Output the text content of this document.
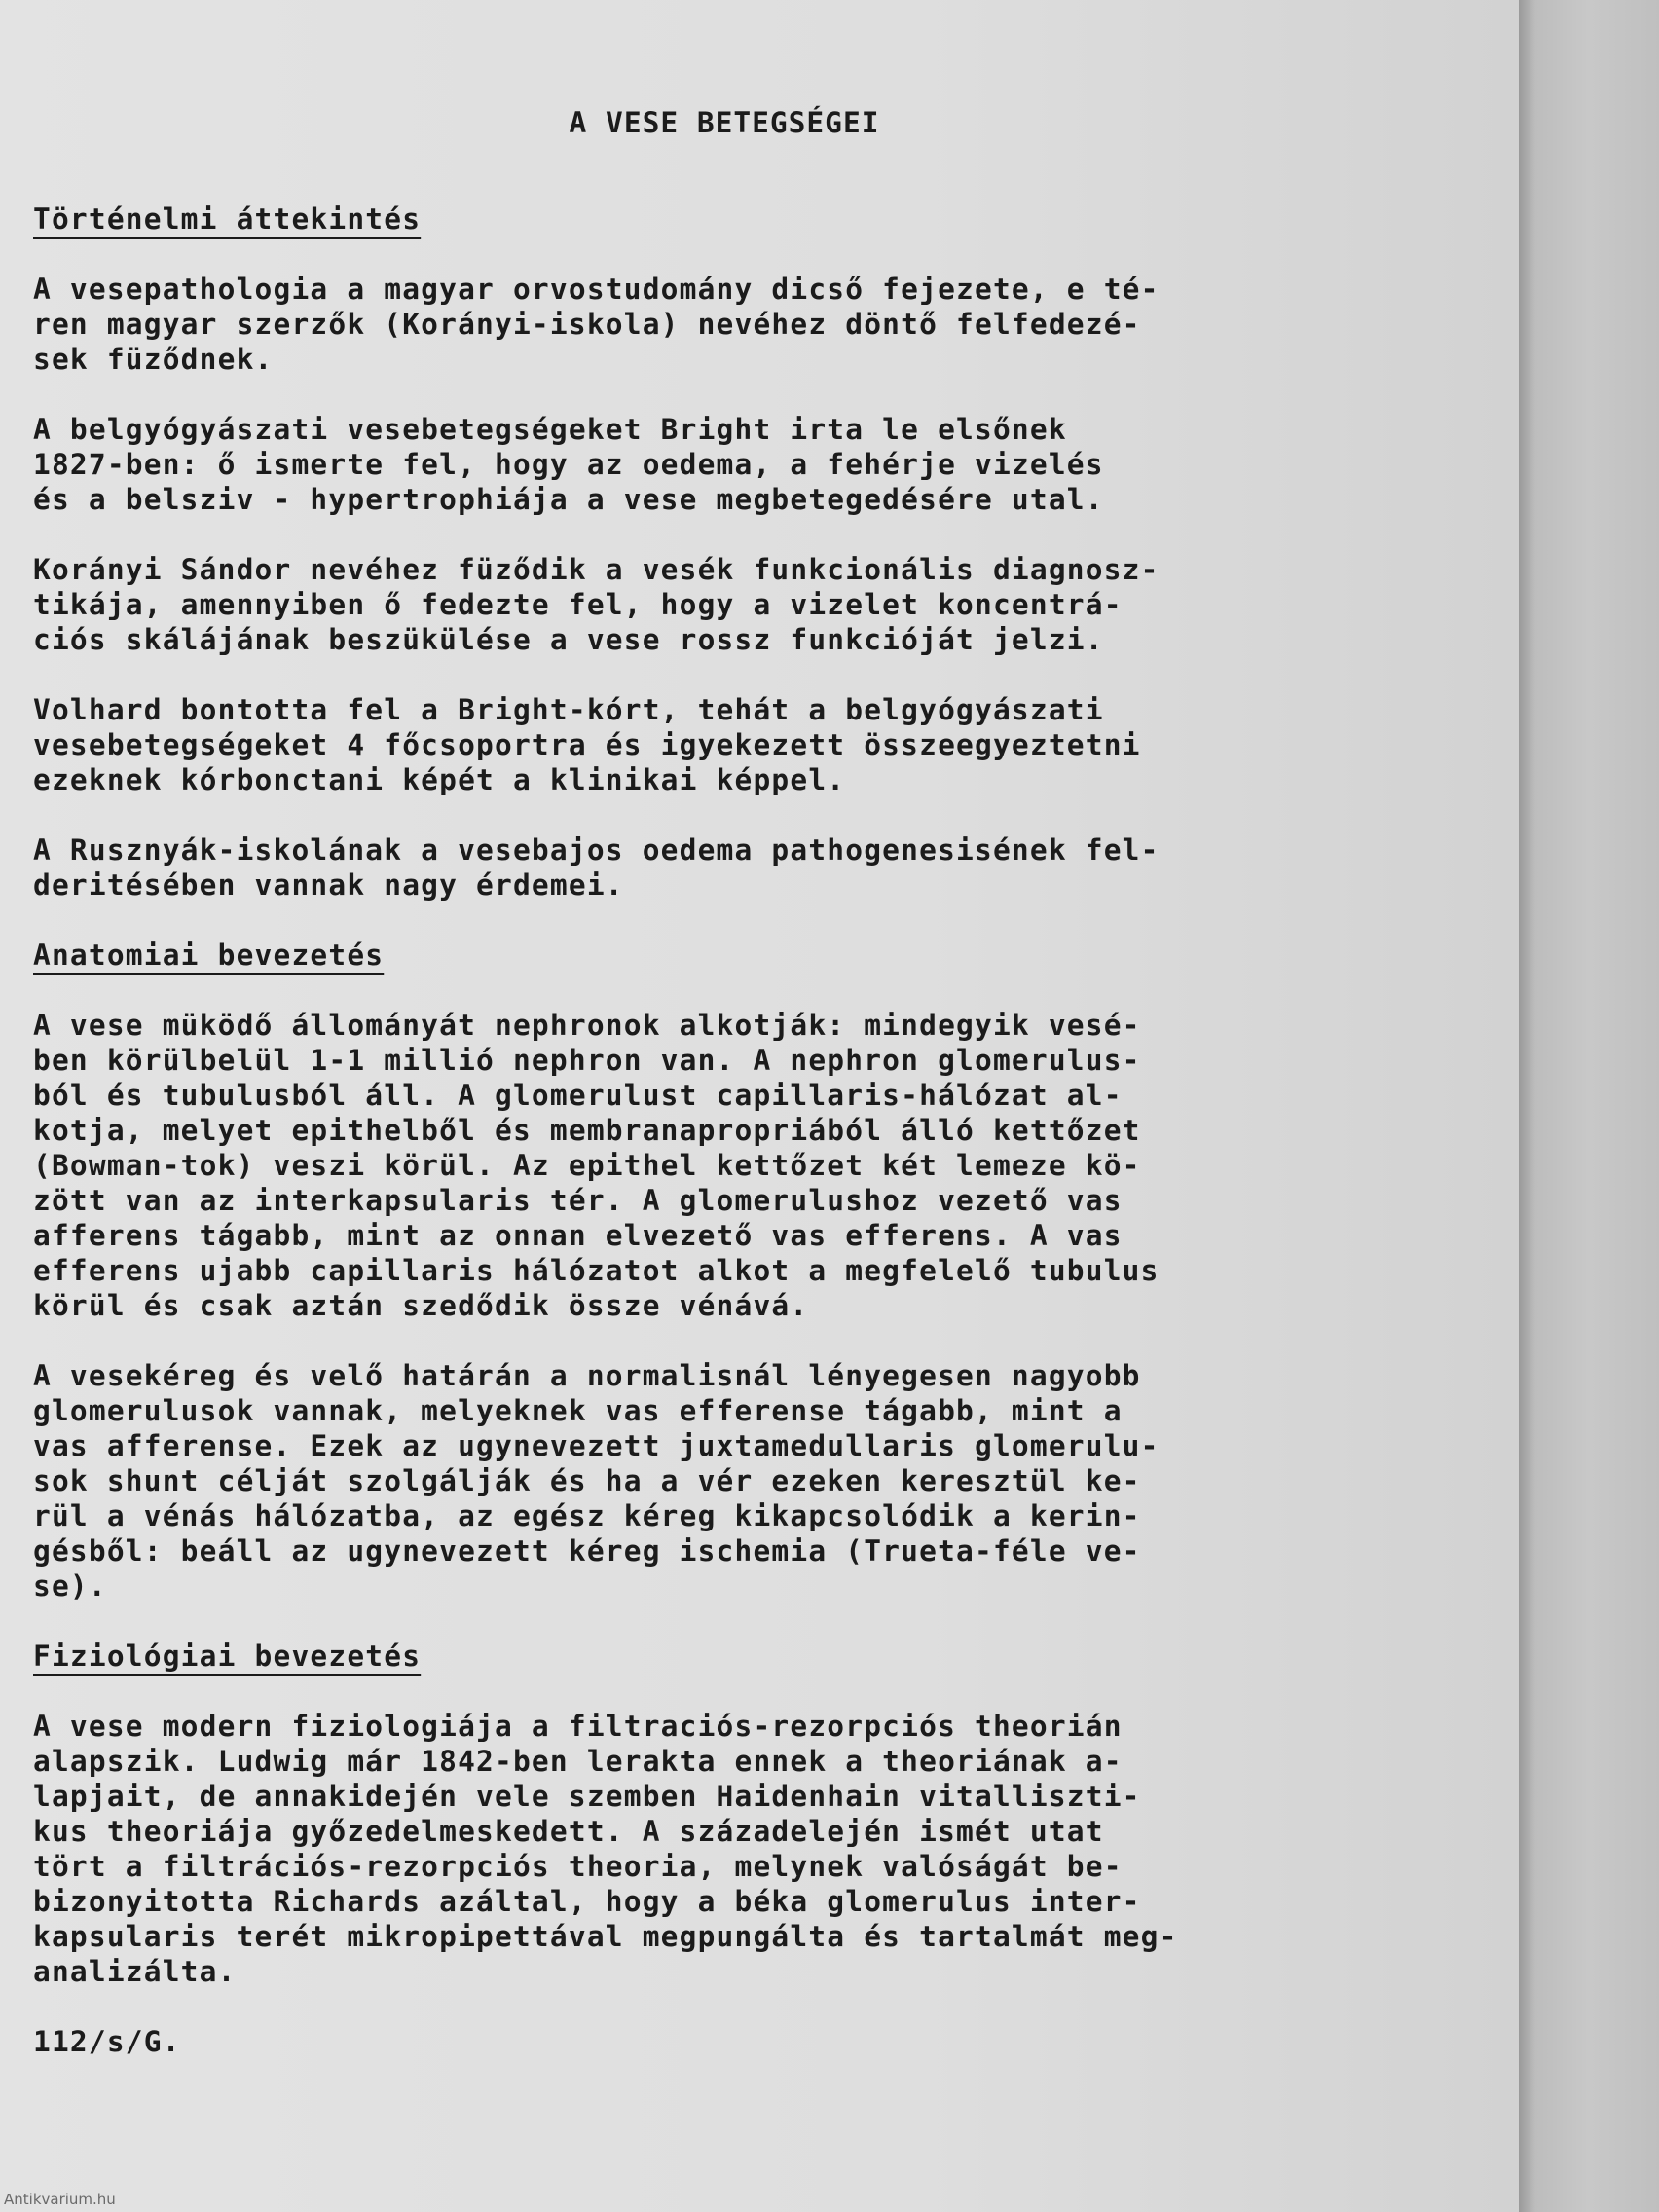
A VESE BETEGSÉGEI
Történelmi áttekintés
A vesepathologia a magyar orvostudomány dicső fejezete, e té-
ren magyar szerzők (Korányi-iskola) nevéhez döntő felfedezé-
sek füződnek.
A belgyógyászati vesebetegségeket Bright irta le elsőnek
1827-ben: ő ismerte fel, hogy az oedema, a fehérje vizelés
és a belsziv - hypertrophiája a vese megbetegedésére utal.
Korányi Sándor nevéhez füződik a vesék funkcionális diagnosz-
tikája, amennyiben ő fedezte fel, hogy a vizelet koncentrá-
ciós skálájának beszükülése a vese rossz funkcióját jelzi.
Volhard bontotta fel a Bright-kórt, tehát a belgyógyászati
vesebetegségeket 4 főcsoportra és igyekezett összeegyeztetni
ezeknek kórbonctani képét a klinikai képpel.
A Rusznyák-iskolának a vesebajos oedema pathogenesisének fel-
deritésében vannak nagy érdemei.
Anatomiai bevezetés
A vese müködő állományát nephronok alkotják: mindegyik vesé-
ben körülbelül 1-1 millió nephron van. A nephron glomerulus-
ból és tubulusból áll. A glomerulust capillaris-hálózat al-
kotja, melyet epithelből és membranapropriából álló kettőzet
(Bowman-tok) veszi körül. Az epithel kettőzet két lemeze kö-
zött van az interkapsularis tér. A glomerulushoz vezető vas
afferens tágabb, mint az onnan elvezető vas efferens. A vas
efferens ujabb capillaris hálózatot alkot a megfelelő tubulus
körül és csak aztán szedődik össze vénává.
A vesekéreg és velő határán a normalisnál lényegesen nagyobb
glomerulusok vannak, melyeknek vas efferense tágabb, mint a
vas afferense. Ezek az ugynevezett juxtamedullaris glomerulu-
sok shunt célját szolgálják és ha a vér ezeken keresztül ke-
rül a vénás hálózatba, az egész kéreg kikapcsolódik a kerin-
gésből: beáll az ugynevezett kéreg ischemia (Trueta-féle ve-
se).
Fiziológiai bevezetés
A vese modern fiziologiája a filtraciós-rezorpciós theorián
alapszik. Ludwig már 1842-ben lerakta ennek a theoriának a-
lapjait, de annakidején vele szemben Haidenhain vitalliszti-
kus theoriája győzedelmeskedett. A századelején ismét utat
tört a filtrációs-rezorpciós theoria, melynek valóságát be-
bizonyitotta Richards azáltal, hogy a béka glomerulus inter-
kapsularis terét mikropipettával megpungálta és tartalmát meg-
analizálta.
112/s/G.
Antikvarium.hu
